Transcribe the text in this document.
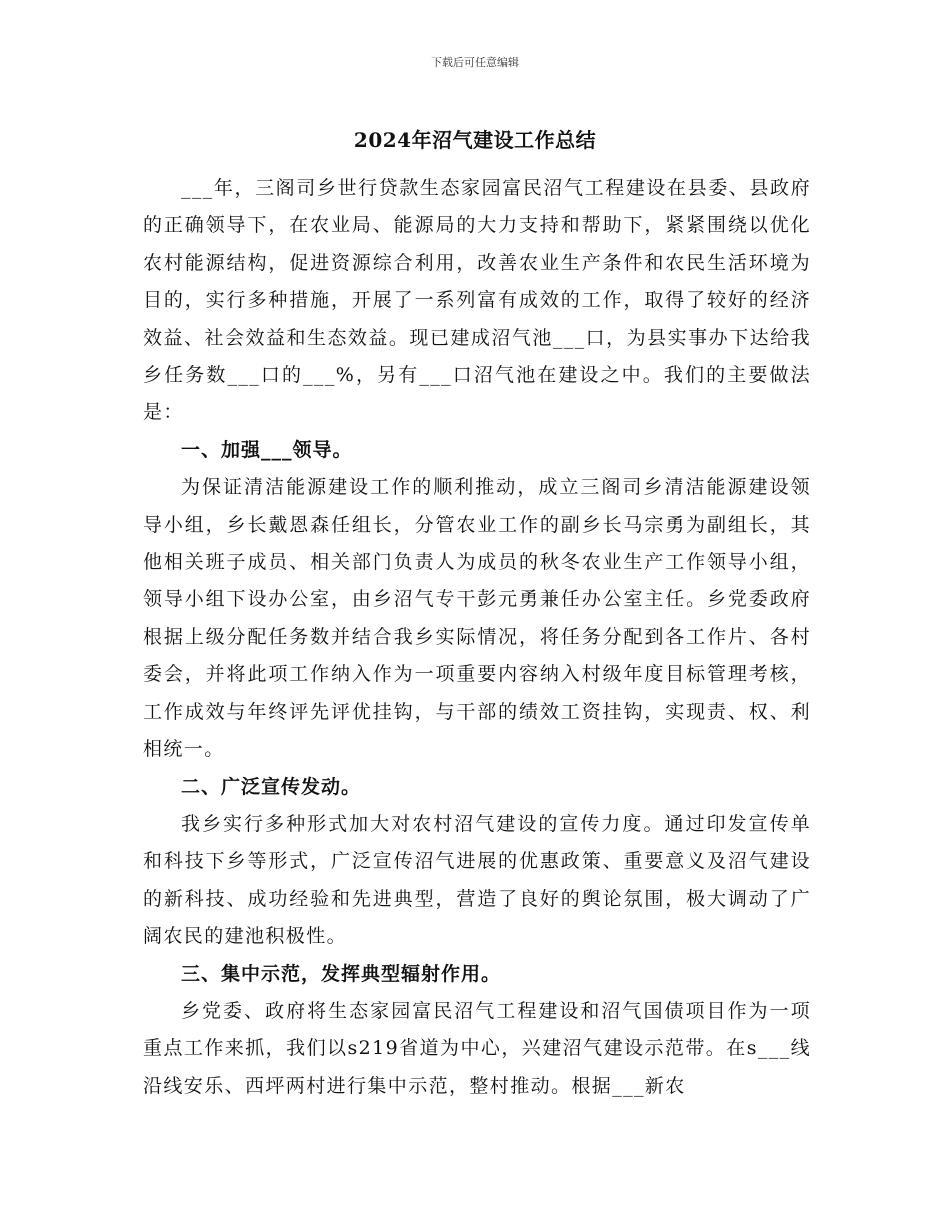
下载后可任意编辑
2024年沼气建设工作总结

___年，三阁司乡世行贷款生态家园富民沼气工程建设在县委、县政府的正确领导下，在农业局、能源局的大力支持和帮助下，紧紧围绕以优化农村能源结构，促进资源综合利用，改善农业生产条件和农民生活环境为目的，实行多种措施，开展了一系列富有成效的工作，取得了较好的经济效益、社会效益和生态效益。现已建成沼气池___口，为县实事办下达给我乡任务数___口的___%，另有___口沼气池在建设之中。我们的主要做法是：

一、加强___领导。

为保证清洁能源建设工作的顺利推动，成立三阁司乡清洁能源建设领导小组，乡长戴恩森任组长，分管农业工作的副乡长马宗勇为副组长，其他相关班子成员、相关部门负责人为成员的秋冬农业生产工作领导小组，领导小组下设办公室，由乡沼气专干彭元勇兼任办公室主任。乡党委政府根据上级分配任务数并结合我乡实际情况，将任务分配到各工作片、各村委会，并将此项工作纳入作为一项重要内容纳入村级年度目标管理考核，工作成效与年终评先评优挂钩，与干部的绩效工资挂钩，实现责、权、利相统一。

二、广泛宣传发动。

我乡实行多种形式加大对农村沼气建设的宣传力度。通过印发宣传单和科技下乡等形式，广泛宣传沼气进展的优惠政策、重要意义及沼气建设的新科技、成功经验和先进典型，营造了良好的舆论氛围，极大调动了广阔农民的建池积极性。

三、集中示范，发挥典型辐射作用。

乡党委、政府将生态家园富民沼气工程建设和沼气国债项目作为一项重点工作来抓，我们以s219省道为中心，兴建沼气建设示范带。在s___线沿线安乐、西坪两村进行集中示范，整村推动。根据___新农
